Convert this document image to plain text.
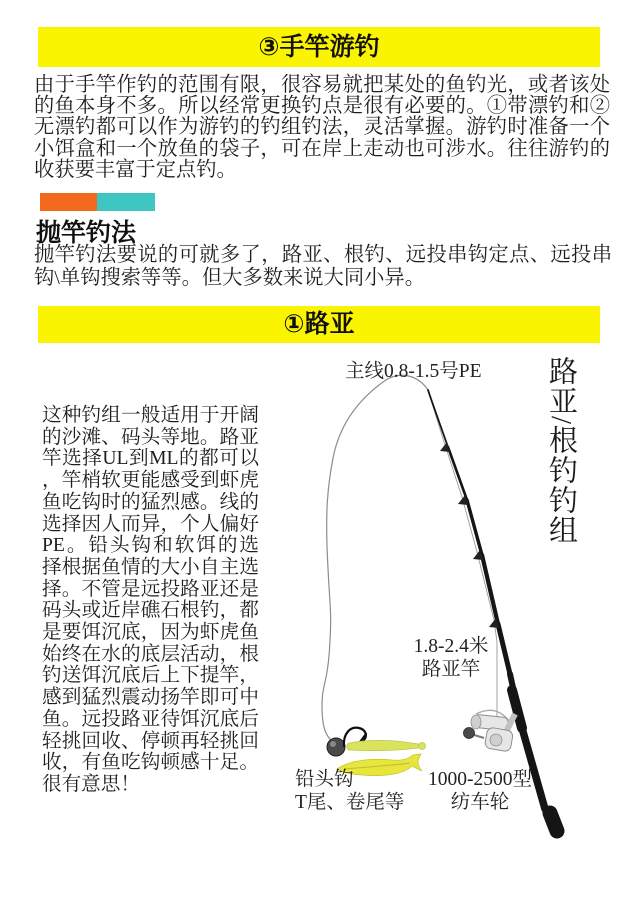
③手竿游钓
由于手竿作钓的范围有限，很容易就把某处的鱼钓光，或者该处的鱼本身不多。所以经常更换钓点是很有必要的。①带漂钓和②无漂钓都可以作为游钓的钓组钓法，灵活掌握。游钓时准备一个小饵盒和一个放鱼的袋子，可在岸上走动也可涉水。往往游钓的收获要丰富于定点钓。
抛竿钓法
抛竿钓法要说的可就多了，路亚、根钓、远投串钩定点、远投串钩\单钩搜索等等。但大多数来说大同小异。
①路亚
这种钓组一般适用于开阔的沙滩、码头等地。路亚竿选择UL到ML的都可以，竿梢软更能感受到虾虎鱼吃钩时的猛烈感。线的选择因人而异，个人偏好PE。铅头钩和软饵的选择根据鱼情的大小自主选择。不管是远投路亚还是码头或近岸礁石根钓，都是要饵沉底，因为虾虎鱼始终在水的底层活动，根钓送饵沉底后上下提竿，感到猛烈震动扬竿即可中鱼。远投路亚待饵沉底后轻挑回收、停顿再轻挑回收，有鱼吃钩顿感十足。很有意思！
主线0.8-1.5号PE
1.8-2.4米
路亚竿
铅头钩
T尾、卷尾等
1000-2500型
纺车轮
路亚/根钓钓组
